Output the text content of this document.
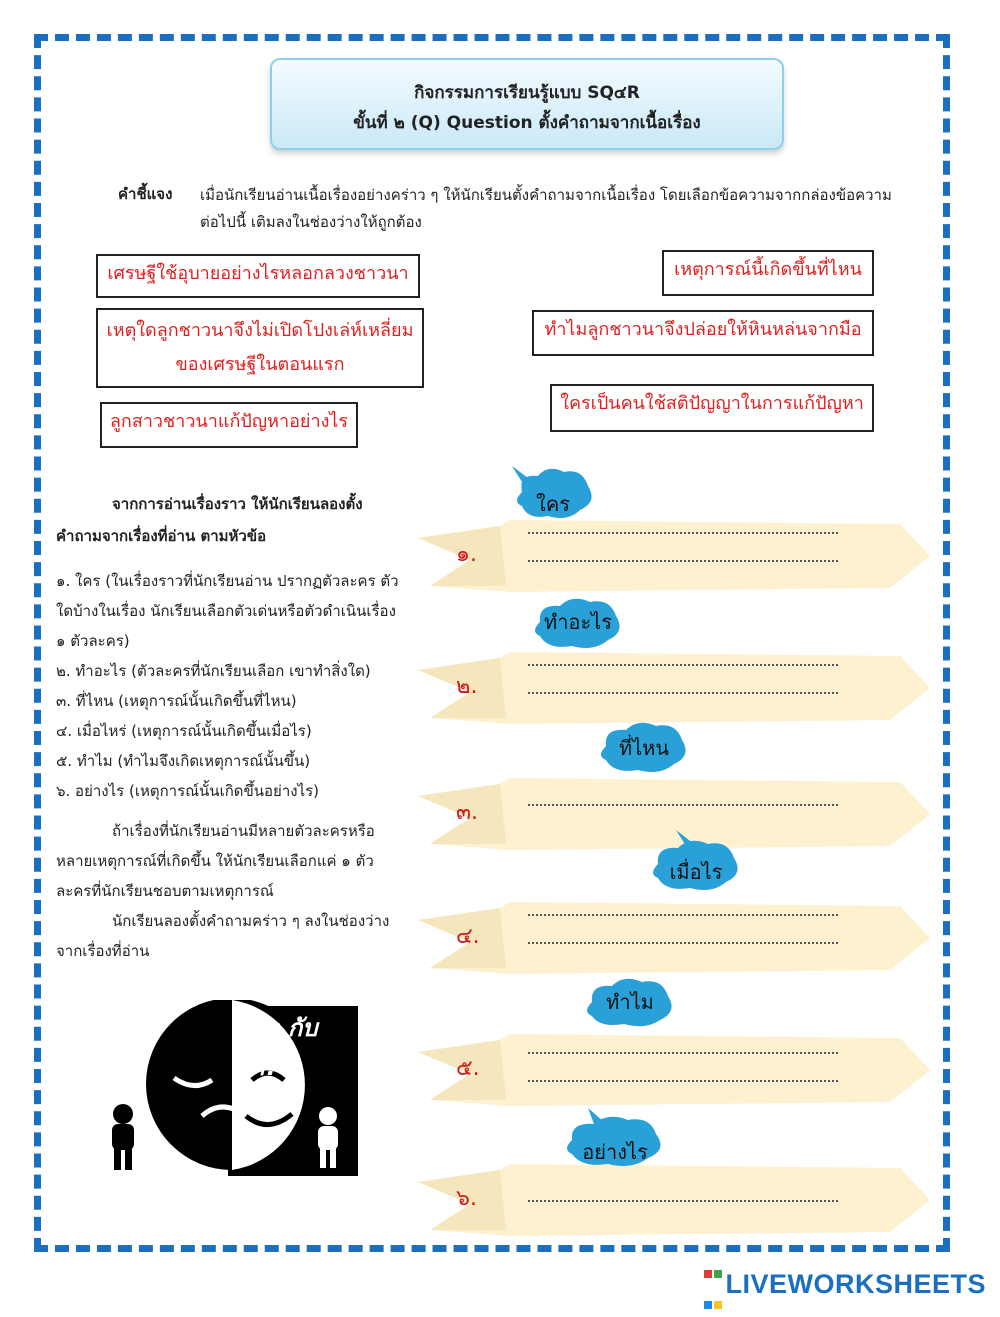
กิจกรรมการเรียนรู้แบบ SQ๔R
ขั้นที่ ๒ (Q) Question ตั้งคำถามจากเนื้อเรื่อง
คำชี้แจง เมื่อนักเรียนอ่านเนื้อเรื่องอย่างคร่าว ๆ ให้นักเรียนตั้งคำถามจากเนื้อเรื่อง โดยเลือกข้อความจากกล่องข้อความต่อไปนี้ เติมลงในช่องว่างให้ถูกต้อง
เศรษฐีใช้อุบายอย่างไรหลอกลวงชาวนา	เหตุการณ์นี้เกิดขึ้นที่ไหน
เหตุใดลูกชาวนาจึงไม่เปิดโปงเล่ห์เหลี่ยมของเศรษฐีในตอนแรก
ทำไมลูกชาวนาจึงปล่อยให้หินหล่นจากมือ
ลูกสาวชาวนาแก้ปัญหาอย่างไร
ใครเป็นคนใช้สติปัญญาในการแก้ปัญหา
จากการอ่านเรื่องราว ให้นักเรียนลองตั้งคำถามจากเรื่องที่อ่าน ตามหัวข้อ
๑. ใคร (ในเรื่องราวที่นักเรียนอ่าน ปรากฏตัวละคร ตัวใดบ้างในเรื่อง นักเรียนเลือกตัวเด่นหรือตัวดำเนินเรื่อง ๑ ตัวละคร)
๒. ทำอะไร (ตัวละครที่นักเรียนเลือก เขาทำสิ่งใด)
๓. ที่ไหน (เหตุการณ์นั้นเกิดขึ้นที่ไหน)
๔. เมื่อไหร่ (เหตุการณ์นั้นเกิดขึ้นเมื่อไร)
๕. ทำไม (ทำไมจึงเกิดเหตุการณ์นั้นขึ้น)
๖. อย่างไร (เหตุการณ์นั้นเกิดขึ้นอย่างไร)
ถ้าเรื่องที่นักเรียนอ่านมีหลายตัวละครหรือหลายเหตุการณ์ที่เกิดขึ้น ให้นักเรียนเลือกแค่ ๑ ตัวละครที่นักเรียนชอบตามเหตุการณ์
นักเรียนลองตั้งคำถามคร่าว ๆ ลงในช่องว่างจากเรื่องที่อ่าน
๑.
ใคร
๒.
ทำอะไร
๓.
ที่ไหน
๔.
เมื่อไร
๕.
ทำไม
๖.
อย่างไร
ขาว กับ ดำ?

LIVEWORKSHEETS
